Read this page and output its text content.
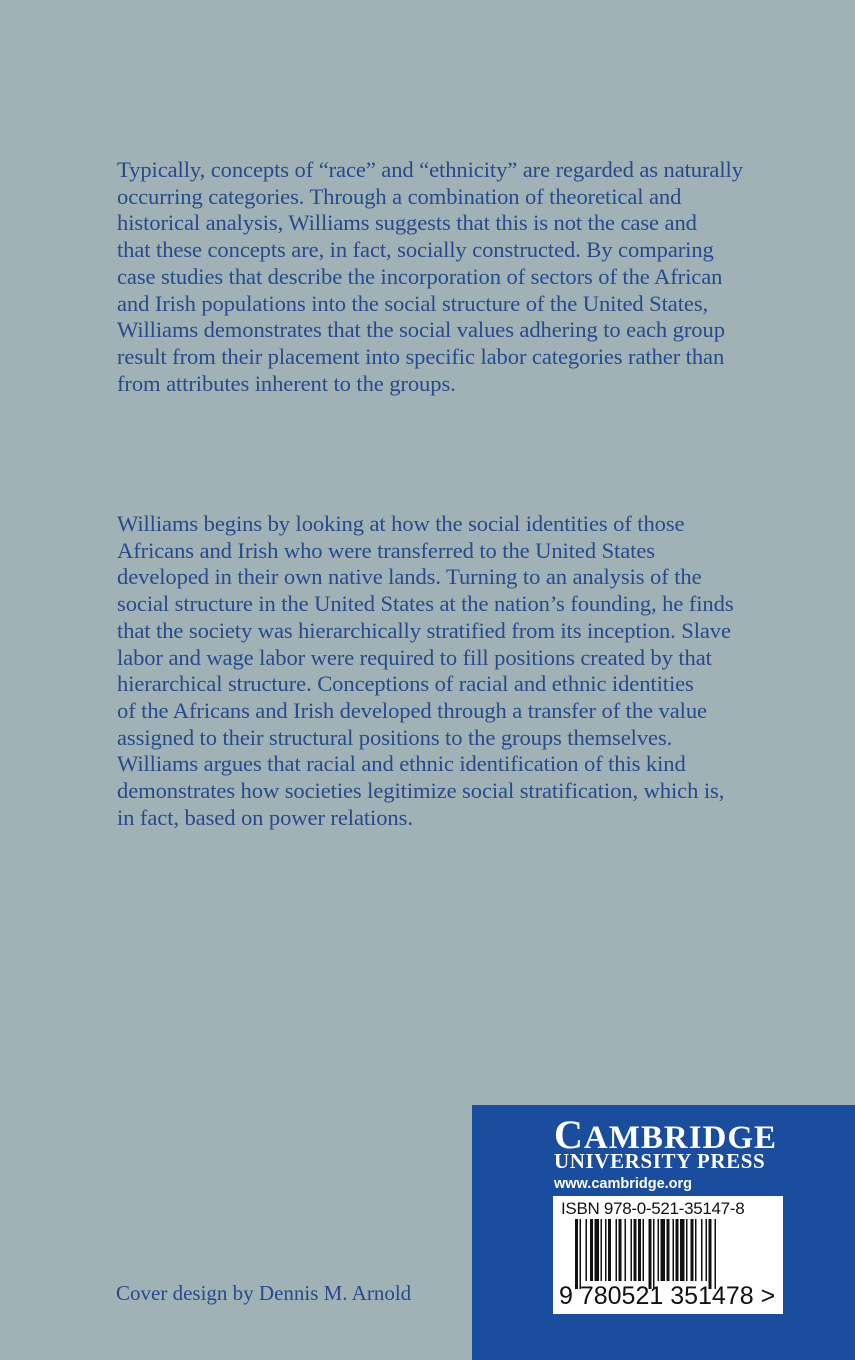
Typically, concepts of “race” and “ethnicity” are regarded as naturally
occurring categories. Through a combination of theoretical and
historical analysis, Williams suggests that this is not the case and
that these concepts are, in fact, socially constructed. By comparing
case studies that describe the incorporation of sectors of the African
and Irish populations into the social structure of the United States,
Williams demonstrates that the social values adhering to each group
result from their placement into specific labor categories rather than
from attributes inherent to the groups.
Williams begins by looking at how the social identities of those
Africans and Irish who were transferred to the United States
developed in their own native lands. Turning to an analysis of the
social structure in the United States at the nation’s founding, he finds
that the society was hierarchically stratified from its inception. Slave
labor and wage labor were required to fill positions created by that
hierarchical structure. Conceptions of racial and ethnic identities
of the Africans and Irish developed through a transfer of the value
assigned to their structural positions to the groups themselves.
Williams argues that racial and ethnic identification of this kind
demonstrates how societies legitimize social stratification, which is,
in fact, based on power relations.
Cover design by Dennis M. Arnold
CAMBRIDGE
UNIVERSITY PRESS
www.cambridge.org
ISBN 978-0-521-35147-8
9 780521 351478 >
